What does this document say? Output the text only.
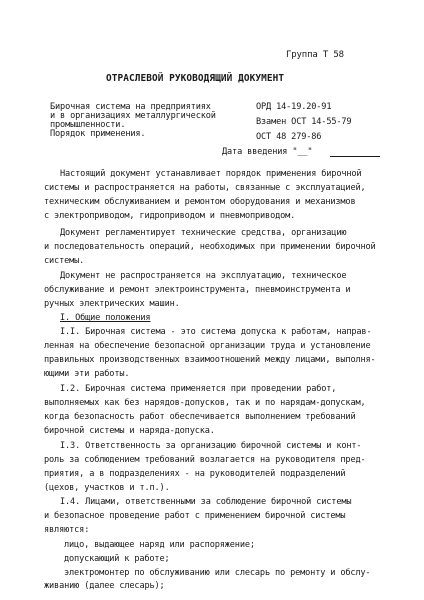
Группа Т 58
ОТРАСЛЕВОЙ РУКОВОДЯЩИЙ ДОКУМЕНТ
Бирочная система на предприятиях
и в организациях металлургической
промышленности.
Порядок применения.
ОРД 14-19.20-91
Взамен ОСТ 14-55-79
ОСТ 48 279-86
Дата введения "__"
Настоящий документ устанавливает порядок применения бирочной
системы и распространяется на работы, связанные с эксплуатацией,
техническим обслуживанием и ремонтом оборудования и механизмов
с электроприводом, гидроприводом и пневмоприводом.
Документ регламентирует технические средства, организацию
и последовательность операций, необходимых при применении бирочной
системы.
Документ не распространяется на эксплуатацию, техническое
обслуживание и ремонт электроинструмента, пневмоинструмента и
ручных электрических машин.
I. Общие положения
I.I. Бирочная система - это система допуска к работам, направ-
ленная на обеспечение безопасной организации труда и установление
правильных производственных взаимоотношений между лицами, выполня-
ющими эти работы.
I.2. Бирочная система применяется при проведении работ,
выполняемых как без нарядов-допусков, так и по нарядам-допускам,
когда безопасность работ обеспечивается выполнением требований
бирочной системы и наряда-допуска.
I.3. Ответственность за организацию бирочной системы и конт-
роль за соблюдением требований возлагается на руководителя пред-
приятия, а в подразделениях - на руководителей подразделений
(цехов, участков и т.п.).
I.4. Лицами, ответственными за соблюдение бирочной системы
и безопасное проведение работ с применением бирочной системы
являются:
лицо, выдающее наряд или распоряжение;
допускающий к работе;
электромонтер по обслуживанию или слесарь по ремонту и обслу-
живанию (далее слесарь);
